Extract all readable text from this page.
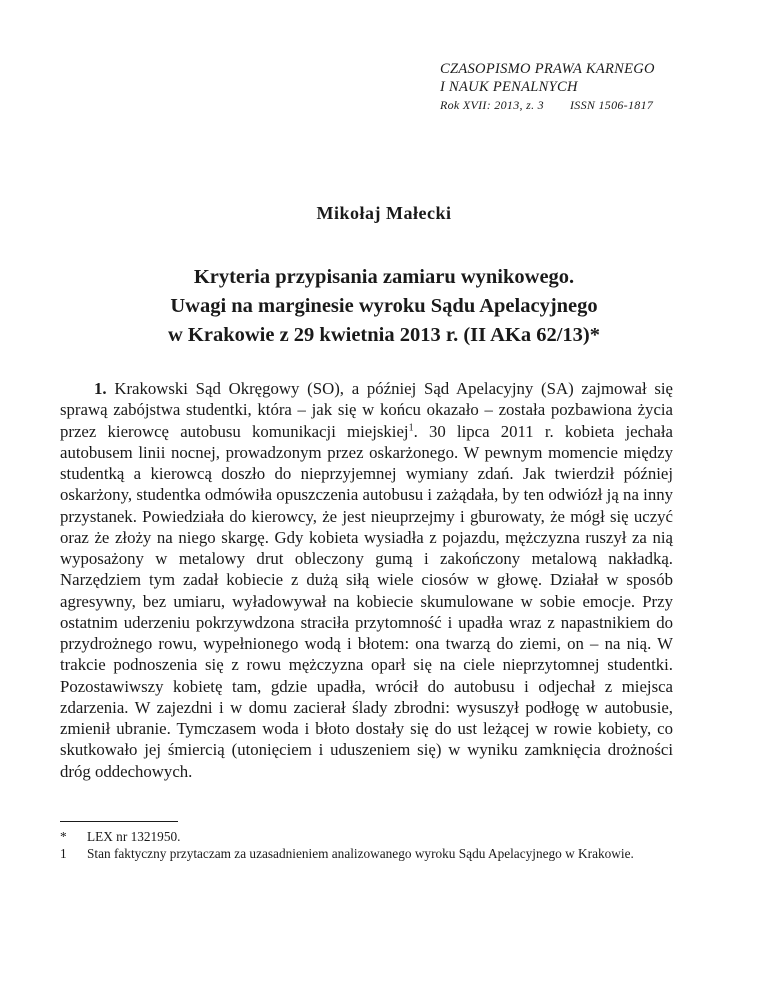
CZASOPISMO PRAWA KARNEGO
I NAUK PENALNYCH
Rok XVII: 2013, z. 3 ISSN 1506-1817
Mikołaj Małecki
Kryteria przypisania zamiaru wynikowego.
Uwagi na marginesie wyroku Sądu Apelacyjnego
w Krakowie z 29 kwietnia 2013 r. (II AKa 62/13)*

1. Krakowski Sąd Okręgowy (SO), a później Sąd Apelacyjny (SA) zajmował się sprawą zabójstwa studentki, która – jak się w końcu okazało – została pozbawiona życia przez kierowcę autobusu komunikacji miejskiej$^1$. 30 lipca 2011 r. kobieta jechała autobusem linii nocnej, prowadzonym przez oskarżonego. W pewnym momencie między studentką a kierowcą doszło do nieprzyjemnej wymiany zdań. Jak twierdził później oskarżony, studentka odmówiła opuszczenia autobusu i zażądała, by ten odwiózł ją na inny przystanek. Powiedziała do kierowcy, że jest nieuprzejmy i gburowaty, że mógł się uczyć oraz że złoży na niego skargę. Gdy kobieta wysiadła z pojazdu, mężczyzna ruszył za nią wyposażony w metalowy drut obleczony gumą i zakończony metalową nakładką. Narzędziem tym zadał kobiecie z dużą siłą wiele ciosów w głowę. Działał w sposób agresywny, bez umiaru, wyładowywał na kobiecie skumulowane w sobie emocje. Przy ostatnim uderzeniu pokrzywdzona straciła przytomność i upadła wraz z napastnikiem do przydrożnego rowu, wypełnionego wodą i błotem: ona twarzą do ziemi, on – na nią. W trakcie podnoszenia się z rowu mężczyzna oparł się na ciele nieprzytomnej studentki. Pozostawiwszy kobietę tam, gdzie upadła, wrócił do autobusu i odjechał z miejsca zdarzenia. W zajezdni i w domu zacierał ślady zbrodni: wysuszył podłogę w autobusie, zmienił ubranie. Tymczasem woda i błoto dostały się do ust leżącej w rowie kobiety, co skutkowało jej śmiercią (utonięciem i uduszeniem się) w wyniku zamknięcia drożności dróg oddechowych.

* LEX nr 1321950.
1 Stan faktyczny przytaczam za uzasadnieniem analizowanego wyroku Sądu Apelacyjnego w Krakowie.
